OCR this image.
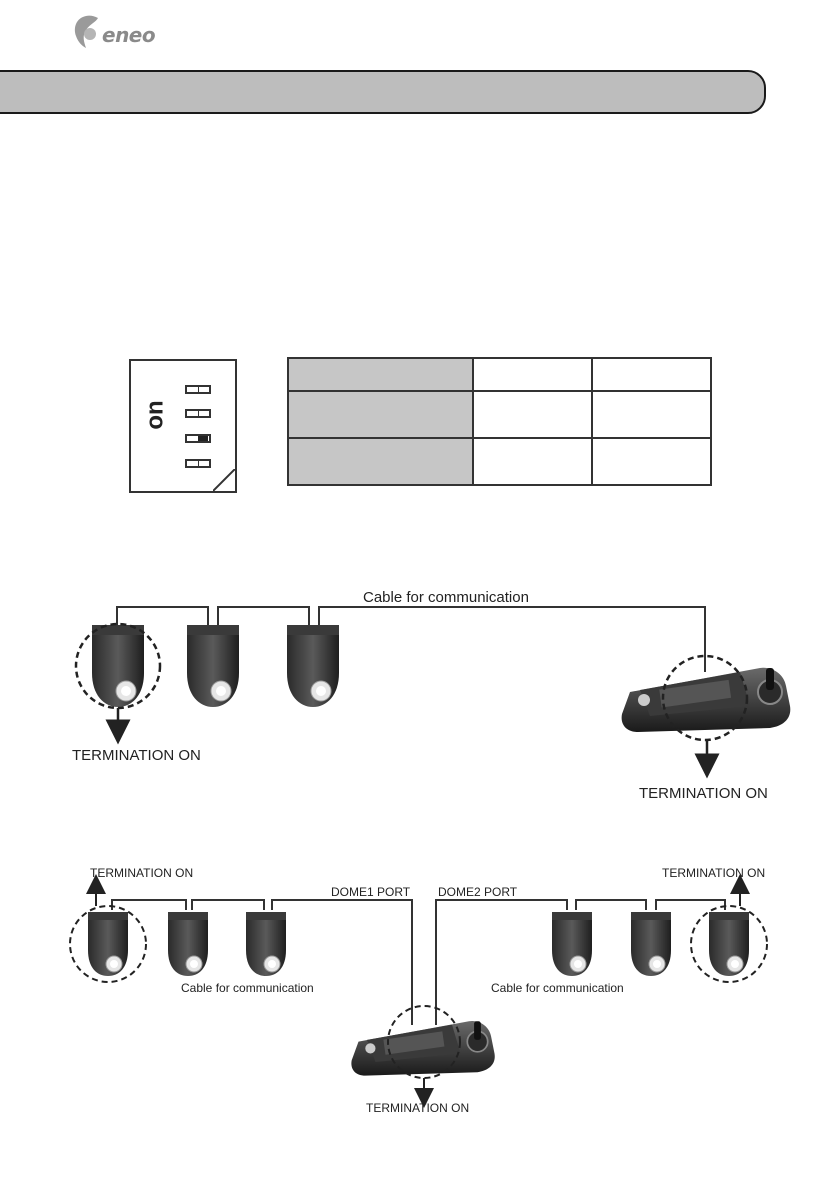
eneo
on

Cable for communication
TERMINATION ON
TERMINATION ON
TERMINATION ON
DOME1 PORT
Cable for communication
DOME2 PORT
TERMINATION ON
Cable for communication
TERMINATION ON
